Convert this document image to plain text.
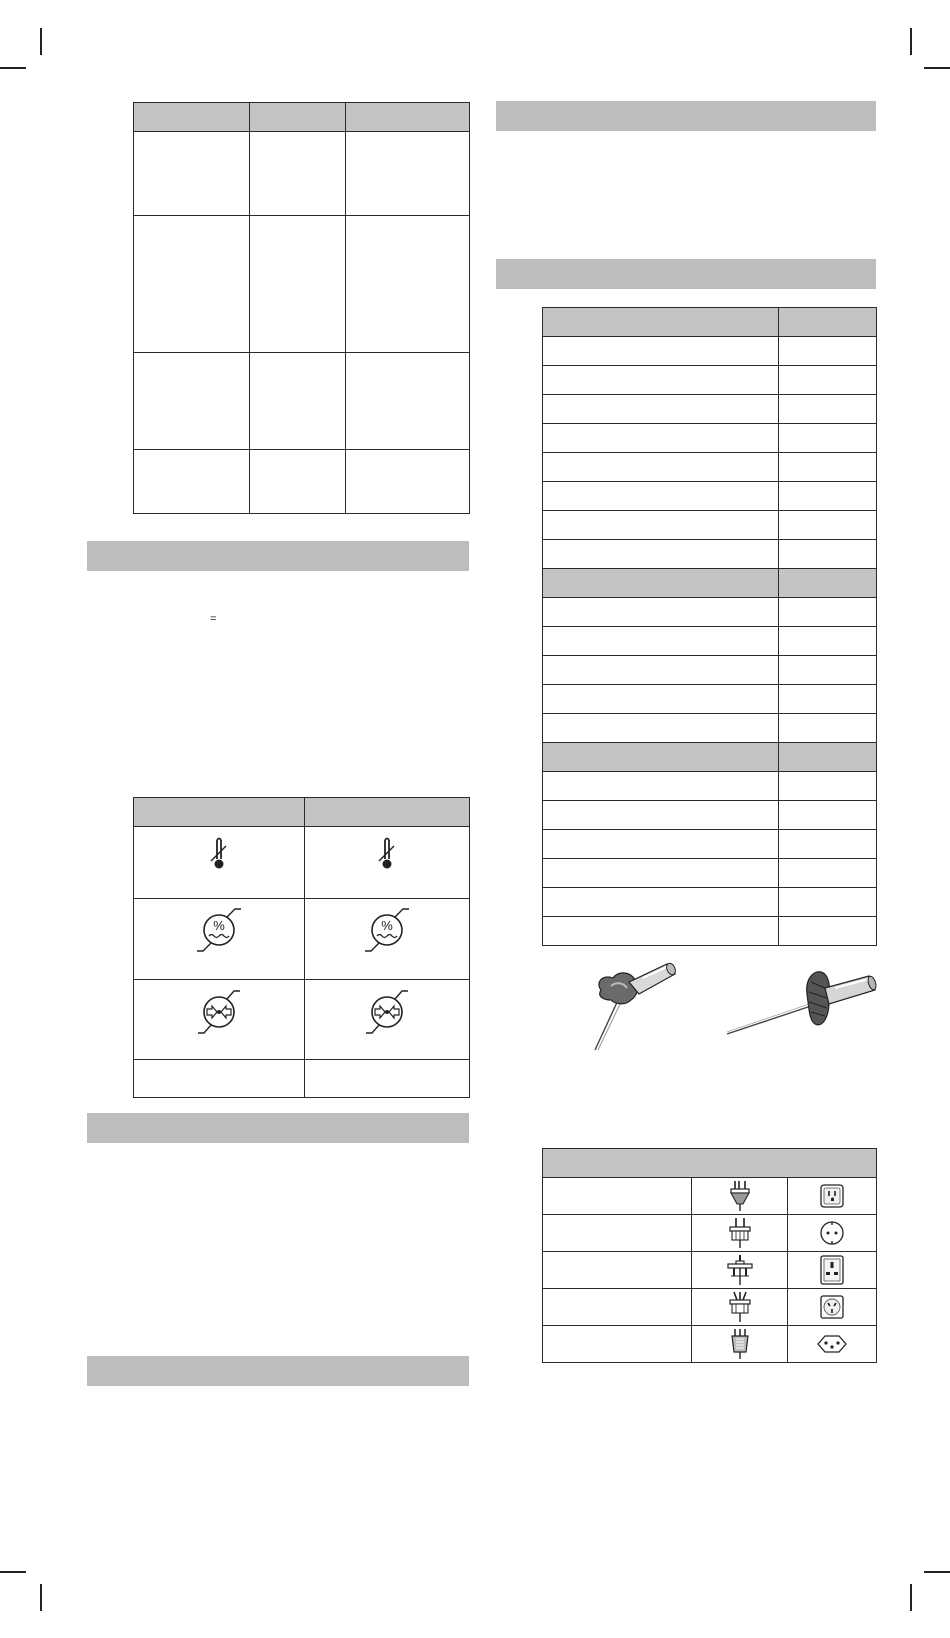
=

%	%
